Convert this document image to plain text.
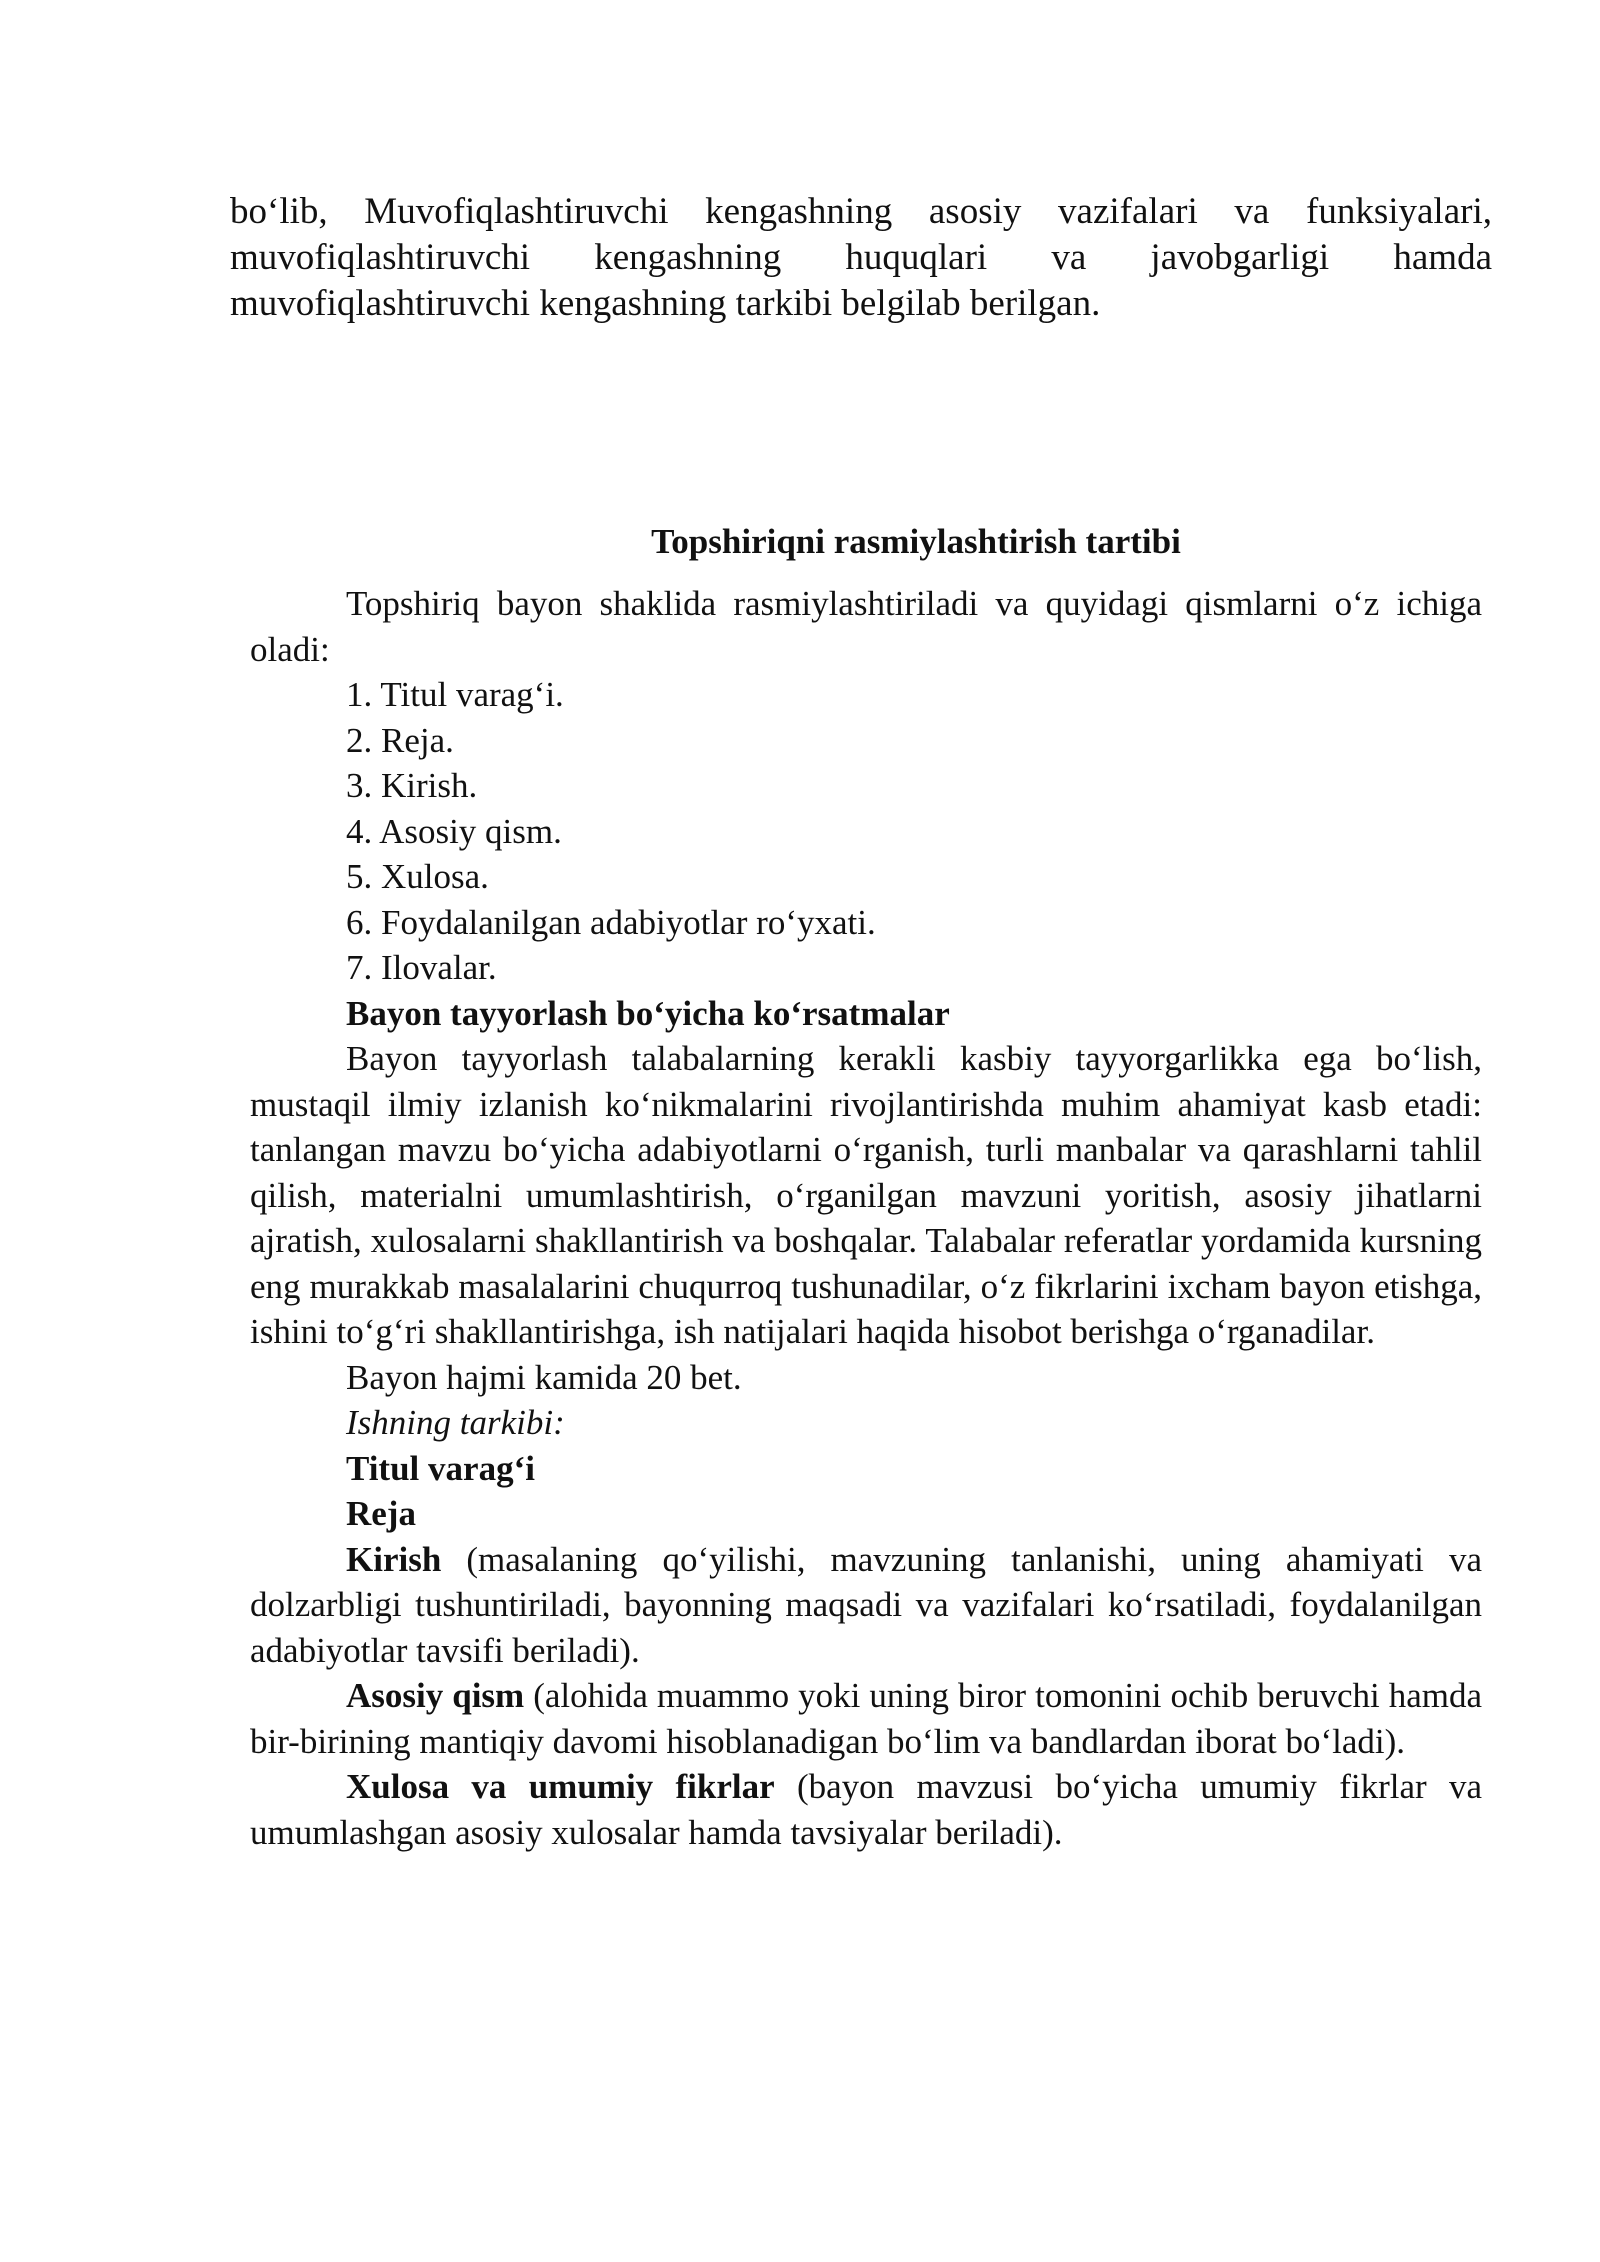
bo‘lib, Muvofiqlashtiruvchi kengashning asosiy vazifalari va funksiyalari, muvofiqlashtiruvchi kengashning huquqlari va javobgarligi hamda muvofiqlashtiruvchi kengashning tarkibi belgilab berilgan.

Topshiriqni rasmiylashtirish tartibi

Topshiriq bayon shaklida rasmiylashtiriladi va quyidagi qismlarni o‘z ichiga oladi:

1. Titul varag‘i.

2. Reja.

3. Kirish.

4. Asosiy qism.

5. Xulosa.

6. Foydalanilgan adabiyotlar ro‘yxati.

7. Ilovalar.

Bayon tayyorlash bo‘yicha ko‘rsatmalar

Bayon tayyorlash talabalarning kerakli kasbiy tayyorgarlikka ega bo‘lish, mustaqil ilmiy izlanish ko‘nikmalarini rivojlantirishda muhim ahamiyat kasb etadi: tanlangan mavzu bo‘yicha adabiyotlarni o‘rganish, turli manbalar va qarashlarni tahlil qilish, materialni umumlashtirish, o‘rganilgan mavzuni yoritish, asosiy jihatlarni ajratish, xulosalarni shakllantirish va boshqalar. Talabalar referatlar yordamida kursning eng murakkab masalalarini chuqurroq tushunadilar, o‘z fikrlarini ixcham bayon etishga, ishini to‘g‘ri shakllantirishga, ish natijalari haqida hisobot berishga o‘rganadilar.

Bayon hajmi kamida 20 bet.

Ishning tarkibi:

Titul varag‘i

Reja

Kirish (masalaning qo‘yilishi, mavzuning tanlanishi, uning ahamiyati va dolzarbligi tushuntiriladi, bayonning maqsadi va vazifalari ko‘rsatiladi, foydalanilgan adabiyotlar tavsifi beriladi).

Asosiy qism (alohida muammo yoki uning biror tomonini ochib beruvchi hamda bir-birining mantiqiy davomi hisoblanadigan bo‘lim va bandlardan iborat bo‘ladi).

Xulosa va umumiy fikrlar (bayon mavzusi bo‘yicha umumiy fikrlar va umumlashgan asosiy xulosalar hamda tavsiyalar beriladi).
